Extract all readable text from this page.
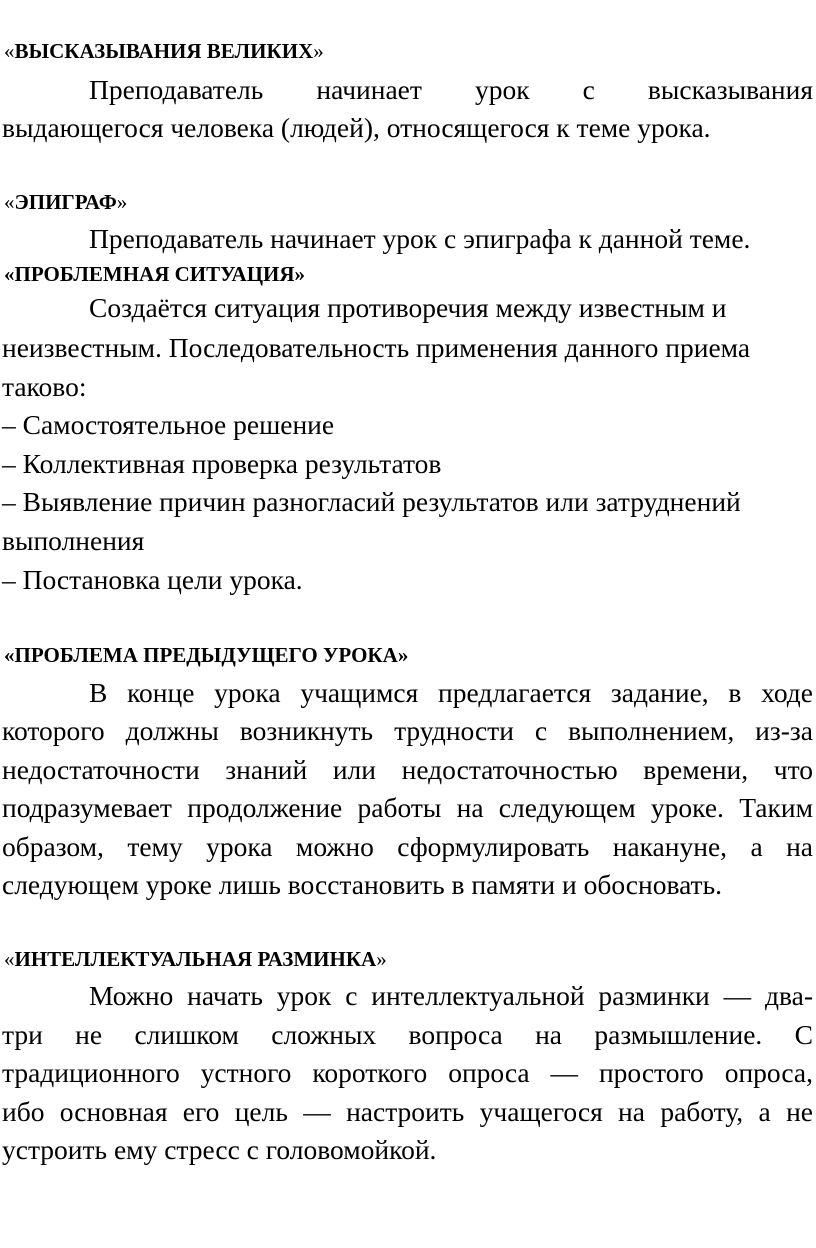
«ВЫСКАЗЫВАНИЯ ВЕЛИКИХ»
Преподаватель начинает урок с высказывания
выдающегося человека (людей), относящегося к теме урока.
«ЭПИГРАФ»
Преподаватель начинает урок с эпиграфа к данной теме.
«ПРОБЛЕМНАЯ СИТУАЦИЯ»
Создаётся ситуация противоречия между известным и
неизвестным. Последовательность применения данного приема
таково:
– Самостоятельное решение
– Коллективная проверка результатов
– Выявление причин разногласий результатов или затруднений
выполнения
– Постановка цели урока.
«ПРОБЛЕМА ПРЕДЫДУЩЕГО УРОКА»
В конце урока учащимся предлагается задание, в ходе
которого должны возникнуть трудности с выполнением, из-за
недостаточности знаний или недостаточностью времени, что
подразумевает продолжение работы на следующем уроке. Таким
образом, тему урока можно сформулировать накануне, а на
следующем уроке лишь восстановить в памяти и обосновать.
«ИНТЕЛЛЕКТУАЛЬНАЯ РАЗМИНКА»
Можно начать урок с интеллектуальной разминки — два-
три не слишком сложных вопроса на размышление. С
традиционного устного короткого опроса — простого опроса,
ибо основная его цель — настроить учащегося на работу, а не
устроить ему стресс с головомойкой.
